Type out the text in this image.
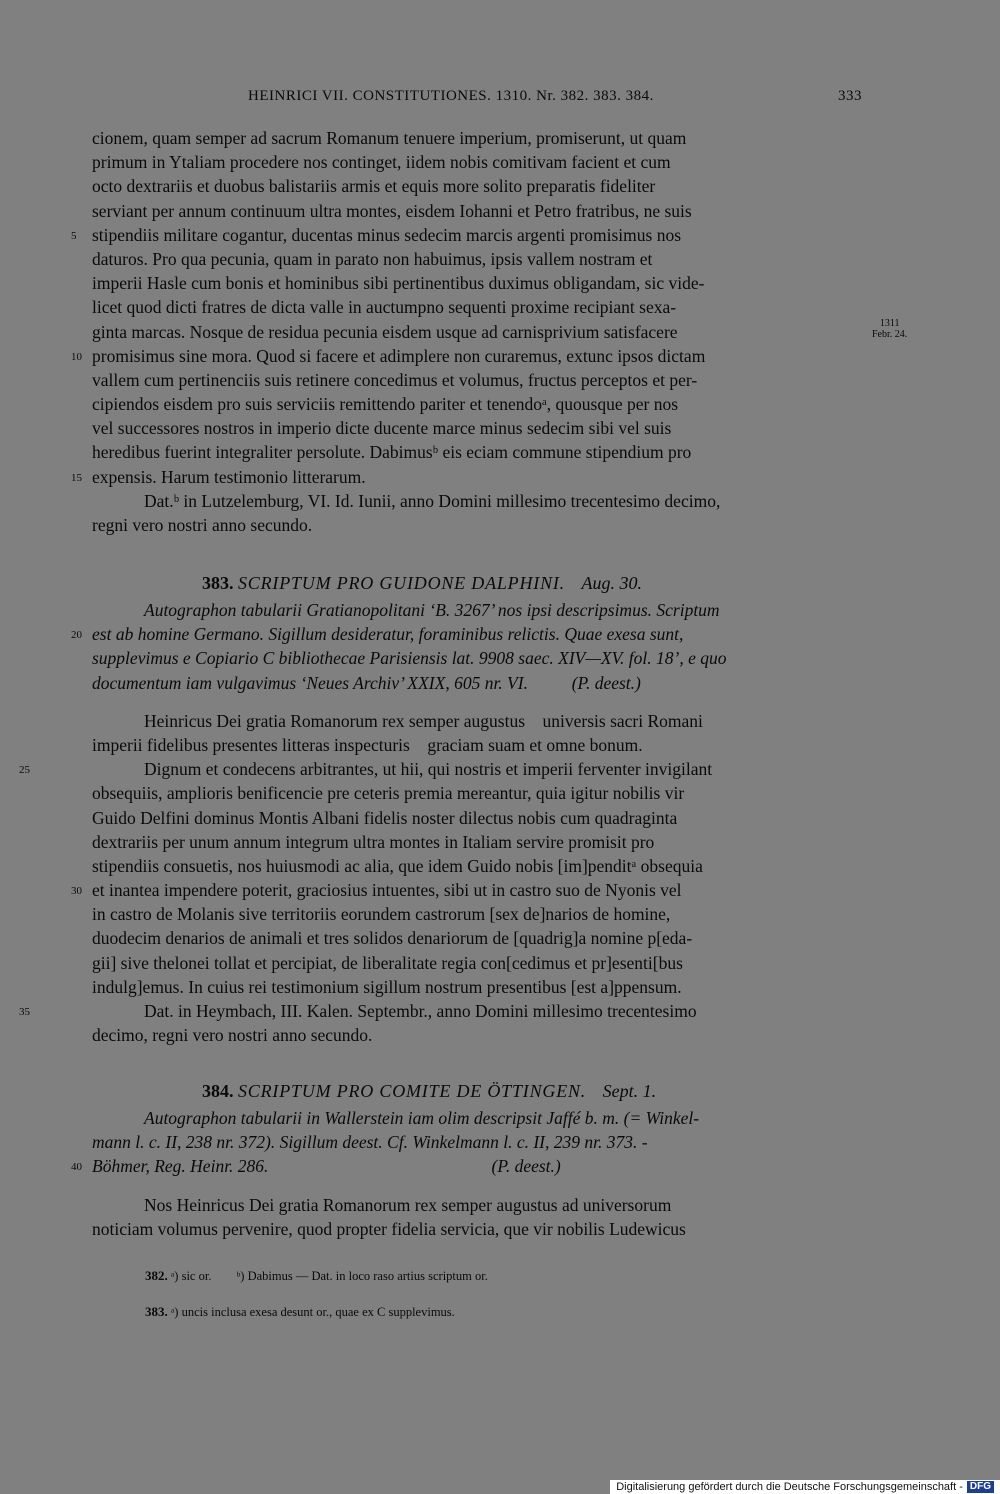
HEINRICI VII. CONSTITUTIONES. 1310. Nr. 382. 383. 384.	333
cionem, quam semper ad sacrum Romanum tenuere imperium, promiserunt, ut quam
primum in Ytaliam procedere nos continget, iidem nobis comitivam facient et cum
octo dextrariis et duobus balistariis armis et equis more solito preparatis fideliter
serviant per annum continuum ultra montes, eisdem Iohanni et Petro fratribus, ne suis
5 stipendiis militare cogantur, ducentas minus sedecim marcis argenti promisimus nos
daturos. Pro qua pecunia, quam in parato non habuimus, ipsis vallem nostram et
imperii Hasle cum bonis et hominibus sibi pertinentibus duximus obligandam, sic vide-
licet quod dicti fratres de dicta valle in auctumpno sequenti proxime recipiant sexa-
ginta marcas. Nosque de residua pecunia eisdem usque ad carnisprivium satisfacere
10 promisimus sine mora. Quod si facere et adimplere non curaremus, extunc ipsos dictam
vallem cum pertinenciis suis retinere concedimus et volumus, fructus perceptos et per-
cipiendos eisdem pro suis serviciis remittendo pariter et tenendoᵃ, quousque per nos
vel successores nostros in imperio dicte ducente marce minus sedecim sibi vel suis
heredibus fuerint integraliter persolute. Dabimusᵇ eis eciam commune stipendium pro
15 expensis. Harum testimonio litterarum.
Dat.ᵇ in Lutzelemburg, VI. Id. Iunii, anno Domini millesimo trecentesimo decimo,
regni vero nostri anno secundo.
1311
Febr. 24.
383. SCRIPTUM PRO GUIDONE DALPHINI. Aug. 30.
Autographon tabularii Gratianopolitani ‘B. 3267’ nos ipsi descripsimus. Scriptum
20 est ab homine Germano. Sigillum desideratur, foraminibus relictis. Quae exesa sunt,
supplevimus e Copiario C bibliothecae Parisiensis lat. 9908 saec. XIV—XV. fol. 18’, e quo
documentum iam vulgavimus ‘Neues Archiv’ XXIX, 605 nr. VI.          (P. deest.)
Heinricus Dei gratia Romanorum rex semper augustus    universis sacri Romani
imperii fidelibus presentes litteras inspecturis    graciam suam et omne bonum.
25	Dignum et condecens arbitrantes, ut hii, qui nostris et imperii ferventer invigilant
obsequiis, amplioris benificencie pre ceteris premia mereantur, quia igitur nobilis vir
Guido Delfini dominus Montis Albani fidelis noster dilectus nobis cum quadraginta
dextrariis per unum annum integrum ultra montes in Italiam servire promisit pro
stipendiis consuetis, nos huiusmodi ac alia, que idem Guido nobis [im]penditᵃ obsequia
30 et inantea impendere poterit, graciosius intuentes, sibi ut in castro suo de Nyonis vel
in castro de Molanis sive territoriis eorundem castrorum [sex de]narios de homine,
duodecim denarios de animali et tres solidos denariorum de [quadrig]a nomine p[eda-
gii] sive thelonei tollat et percipiat, de liberalitate regia con[cedimus et pr]esenti[bus
indulg]emus. In cuius rei testimonium sigillum nostrum presentibus [est a]ppensum.
35	Dat. in Heymbach, III. Kalen. Septembr., anno Domini millesimo trecentesimo
decimo, regni vero nostri anno secundo.
384. SCRIPTUM PRO COMITE DE ÖTTINGEN. Sept. 1.
Autographon tabularii in Wallerstein iam olim descripsit Jaffé b. m. (= Winkel-
mann l. c. II, 238 nr. 372). Sigillum deest. Cf. Winkelmann l. c. II, 239 nr. 373. -
40 Böhmer, Reg. Heinr. 286.                                                   (P. deest.)
Nos Heinricus Dei gratia Romanorum rex semper augustus ad universorum
noticiam volumus pervenire, quod propter fidelia servicia, que vir nobilis Ludewicus
382. ᵃ) sic or.        ᵇ) Dabimus — Dat. in loco raso artius scriptum or.
383. ᵃ) uncis inclusa exesa desunt or., quae ex C supplevimus.
Digitalisierung gefördert durch die Deutsche Forschungsgemeinschaft - DFG
